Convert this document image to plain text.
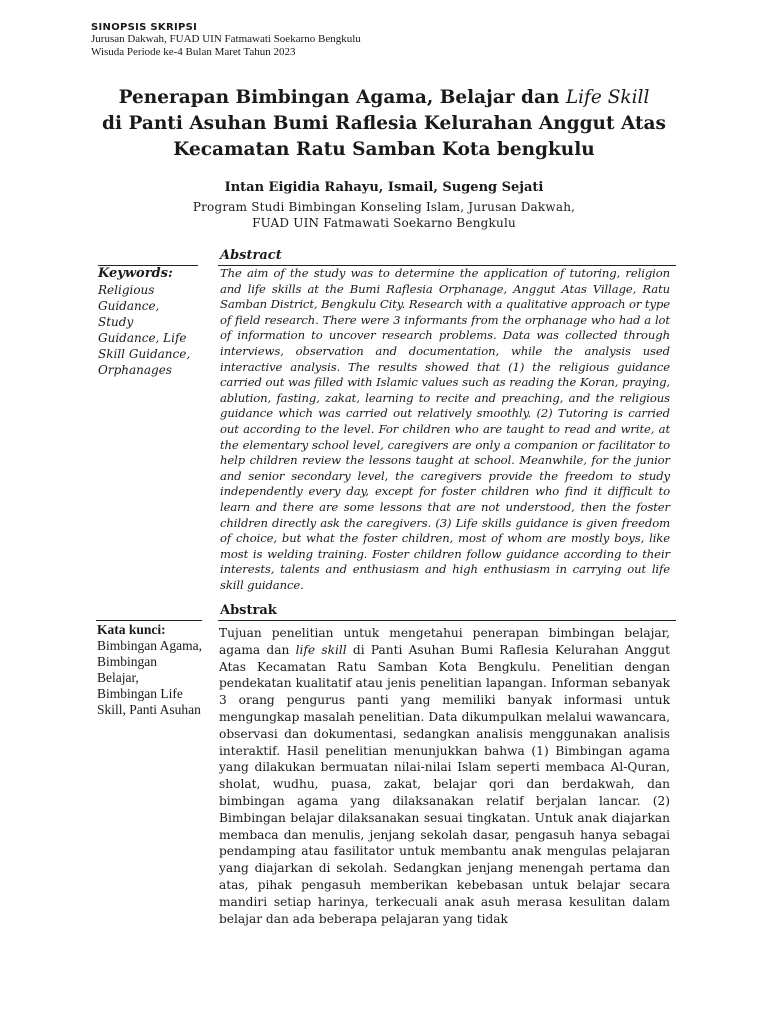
SINOPSIS SKRIPSI
Jurusan Dakwah, FUAD UIN Fatmawati Soekarno Bengkulu
Wisuda Periode ke-4 Bulan Maret Tahun 2023
Penerapan Bimbingan Agama, Belajar dan Life Skill
di Panti Asuhan Bumi Raflesia Kelurahan Anggut Atas
Kecamatan Ratu Samban Kota bengkulu
Intan Eigidia Rahayu, Ismail, Sugeng Sejati
Program Studi Bimbingan Konseling Islam, Jurusan Dakwah,
FUAD UIN Fatmawati Soekarno Bengkulu
Abstract
Keywords:
Religious Guidance, Study Guidance, Life Skill Guidance, Orphanages
The aim of the study was to determine the application of tutoring, religion and life skills at the Bumi Raflesia Orphanage, Anggut Atas Village, Ratu Samban District, Bengkulu City. Research with a qualitative approach or type of field research. There were 3 informants from the orphanage who had a lot of information to uncover research problems. Data was collected through interviews, observation and documentation, while the analysis used interactive analysis. The results showed that (1) the religious guidance carried out was filled with Islamic values such as reading the Koran, praying, ablution, fasting, zakat, learning to recite and preaching, and the religious guidance which was carried out relatively smoothly. (2) Tutoring is carried out according to the level. For children who are taught to read and write, at the elementary school level, caregivers are only a companion or facilitator to help children review the lessons taught at school. Meanwhile, for the junior and senior secondary level, the caregivers provide the freedom to study independently every day, except for foster children who find it difficult to learn and there are some lessons that are not understood, then the foster children directly ask the caregivers. (3) Life skills guidance is given freedom of choice, but what the foster children, most of whom are mostly boys, like most is welding training. Foster children follow guidance according to their interests, talents and enthusiasm and high enthusiasm in carrying out life skill guidance.
Abstrak
Kata kunci:
Bimbingan Agama, Bimbingan Belajar, Bimbingan Life Skill, Panti Asuhan
Tujuan penelitian untuk mengetahui penerapan bimbingan belajar, agama dan life skill di Panti Asuhan Bumi Raflesia Kelurahan Anggut Atas Kecamatan Ratu Samban Kota Bengkulu. Penelitian dengan pendekatan kualitatif atau jenis penelitian lapangan. Informan sebanyak 3 orang pengurus panti yang memiliki banyak informasi untuk mengungkap masalah penelitian. Data dikumpulkan melalui wawancara, observasi dan dokumentasi, sedangkan analisis menggunakan analisis interaktif. Hasil penelitian menunjukkan bahwa (1) Bimbingan agama yang dilakukan bermuatan nilai-nilai Islam seperti membaca Al-Quran, sholat, wudhu, puasa, zakat, belajar qori dan berdakwah, dan bimbingan agama yang dilaksanakan relatif berjalan lancar. (2) Bimbingan belajar dilaksanakan sesuai tingkatan. Untuk anak diajarkan membaca dan menulis, jenjang sekolah dasar, pengasuh hanya sebagai pendamping atau fasilitator untuk membantu anak mengulas pelajaran yang diajarkan di sekolah. Sedangkan jenjang menengah pertama dan atas, pihak pengasuh memberikan kebebasan untuk belajar secara mandiri setiap harinya, terkecuali anak asuh merasa kesulitan dalam belajar dan ada beberapa pelajaran yang tidak
